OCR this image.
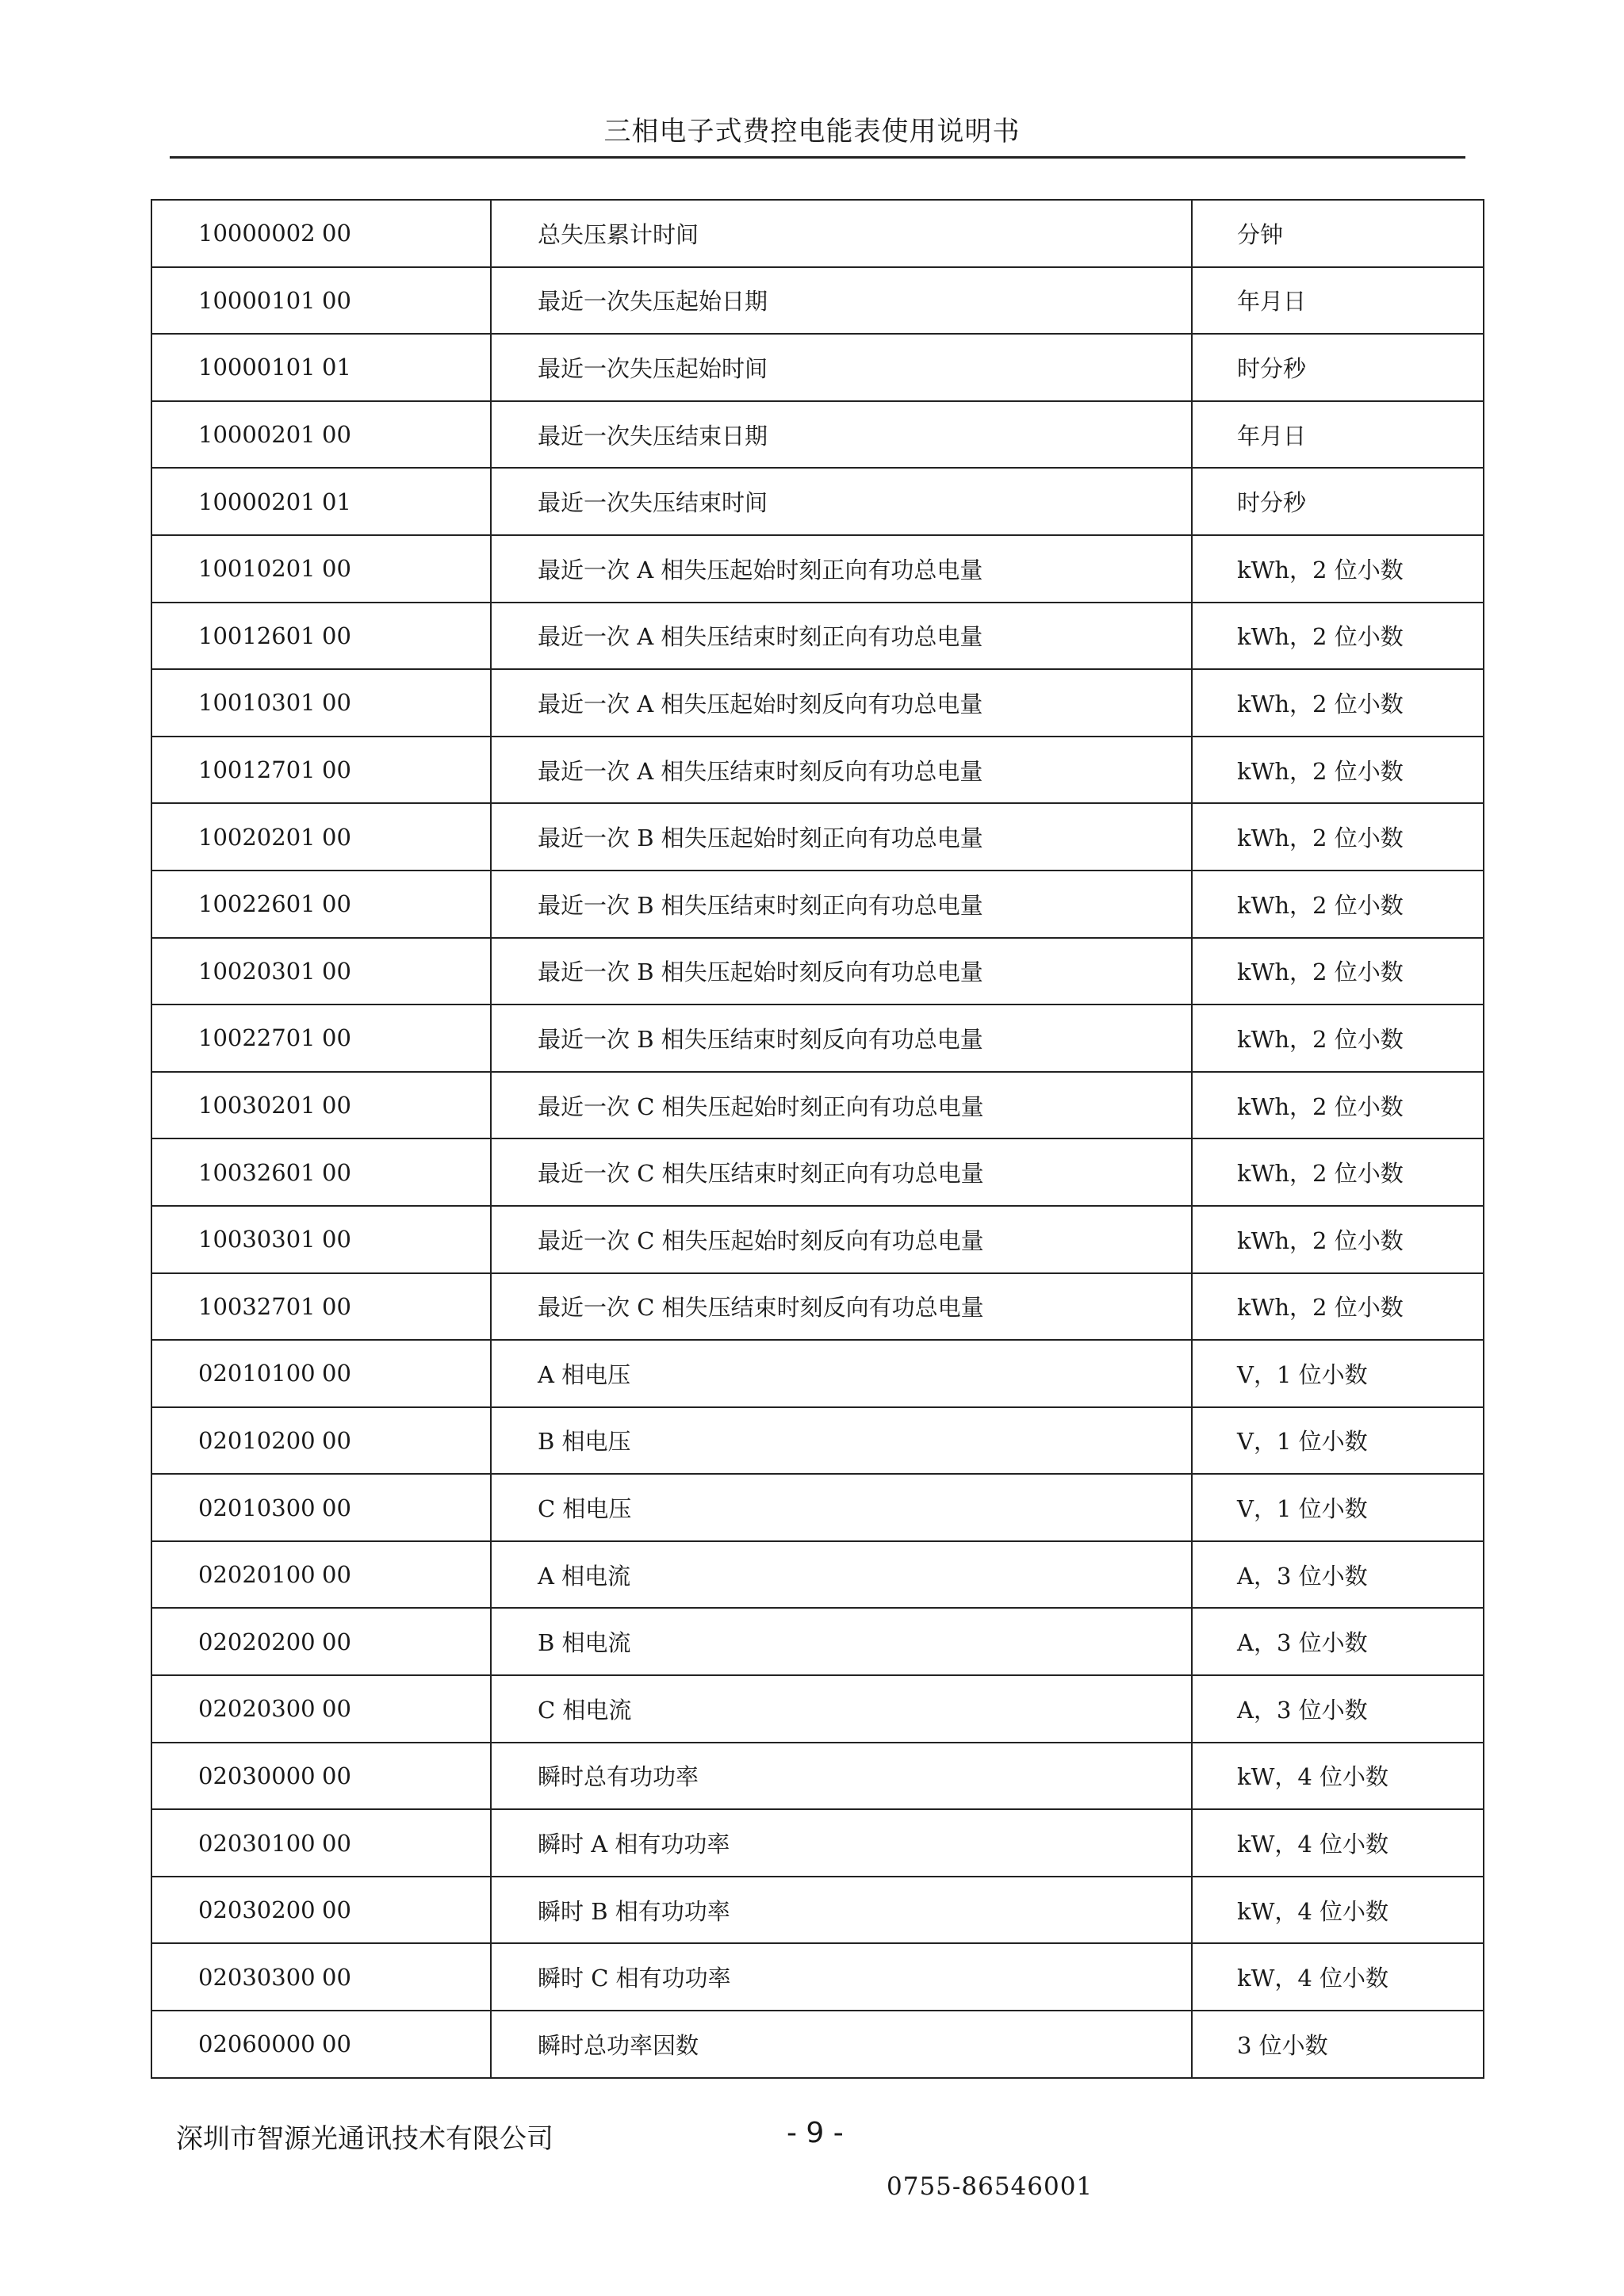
三相电子式费控电能表使用说明书
10000002 00	总失压累计时间	分钟
10000101 00	最近一次失压起始日期	年月日
10000101 01	最近一次失压起始时间	时分秒
10000201 00	最近一次失压结束日期	年月日
10000201 01	最近一次失压结束时间	时分秒
10010201 00	最近一次 A 相失压起始时刻正向有功总电量	kWh，2 位小数
10012601 00	最近一次 A 相失压结束时刻正向有功总电量	kWh，2 位小数
10010301 00	最近一次 A 相失压起始时刻反向有功总电量	kWh，2 位小数
10012701 00	最近一次 A 相失压结束时刻反向有功总电量	kWh，2 位小数
10020201 00	最近一次 B 相失压起始时刻正向有功总电量	kWh，2 位小数
10022601 00	最近一次 B 相失压结束时刻正向有功总电量	kWh，2 位小数
10020301 00	最近一次 B 相失压起始时刻反向有功总电量	kWh，2 位小数
10022701 00	最近一次 B 相失压结束时刻反向有功总电量	kWh，2 位小数
10030201 00	最近一次 C 相失压起始时刻正向有功总电量	kWh，2 位小数
10032601 00	最近一次 C 相失压结束时刻正向有功总电量	kWh，2 位小数
10030301 00	最近一次 C 相失压起始时刻反向有功总电量	kWh，2 位小数
10032701 00	最近一次 C 相失压结束时刻反向有功总电量	kWh，2 位小数
02010100 00	A 相电压	V，1 位小数
02010200 00	B 相电压	V，1 位小数
02010300 00	C 相电压	V，1 位小数
02020100 00	A 相电流	A，3 位小数
02020200 00	B 相电流	A，3 位小数
02020300 00	C 相电流	A，3 位小数
02030000 00	瞬时总有功功率	kW，4 位小数
02030100 00	瞬时 A 相有功功率	kW，4 位小数
02030200 00	瞬时 B 相有功功率	kW，4 位小数
02030300 00	瞬时 C 相有功功率	kW，4 位小数
02060000 00	瞬时总功率因数	3 位小数
深圳市智源光通讯技术有限公司	- 9 -
0755-86546001
